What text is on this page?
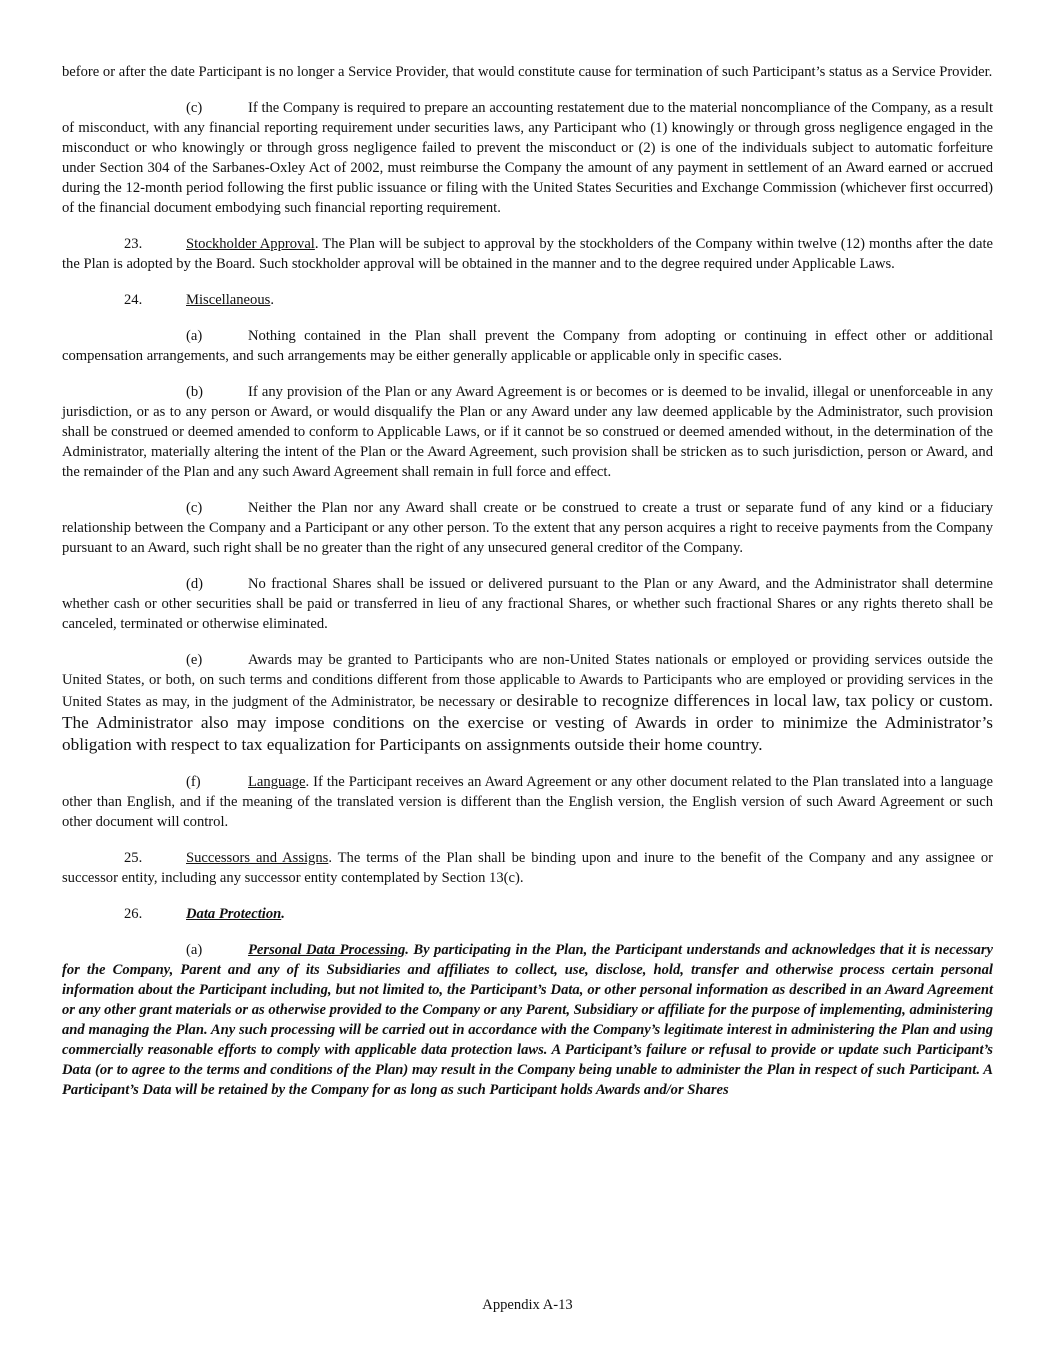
before or after the date Participant is no longer a Service Provider, that would constitute cause for termination of such Participant’s status as a Service Provider.

(c)	If the Company is required to prepare an accounting restatement due to the material noncompliance of the Company, as a result of misconduct, with any financial reporting requirement under securities laws, any Participant who (1) knowingly or through gross negligence engaged in the misconduct or who knowingly or through gross negligence failed to prevent the misconduct or (2) is one of the individuals subject to automatic forfeiture under Section 304 of the Sarbanes-Oxley Act of 2002, must reimburse the Company the amount of any payment in settlement of an Award earned or accrued during the 12-month period following the first public issuance or filing with the United States Securities and Exchange Commission (whichever first occurred) of the financial document embodying such financial reporting requirement.

23.	Stockholder Approval. The Plan will be subject to approval by the stockholders of the Company within twelve (12) months after the date the Plan is adopted by the Board. Such stockholder approval will be obtained in the manner and to the degree required under Applicable Laws.

24.	Miscellaneous.

(a)	Nothing contained in the Plan shall prevent the Company from adopting or continuing in effect other or additional compensation arrangements, and such arrangements may be either generally applicable or applicable only in specific cases.

(b)	If any provision of the Plan or any Award Agreement is or becomes or is deemed to be invalid, illegal or unenforceable in any jurisdiction, or as to any person or Award, or would disqualify the Plan or any Award under any law deemed applicable by the Administrator, such provision shall be construed or deemed amended to conform to Applicable Laws, or if it cannot be so construed or deemed amended without, in the determination of the Administrator, materially altering the intent of the Plan or the Award Agreement, such provision shall be stricken as to such jurisdiction, person or Award, and the remainder of the Plan and any such Award Agreement shall remain in full force and effect.

(c)	Neither the Plan nor any Award shall create or be construed to create a trust or separate fund of any kind or a fiduciary relationship between the Company and a Participant or any other person. To the extent that any person acquires a right to receive payments from the Company pursuant to an Award, such right shall be no greater than the right of any unsecured general creditor of the Company.

(d)	No fractional Shares shall be issued or delivered pursuant to the Plan or any Award, and the Administrator shall determine whether cash or other securities shall be paid or transferred in lieu of any fractional Shares, or whether such fractional Shares or any rights thereto shall be canceled, terminated or otherwise eliminated.

(e)	Awards may be granted to Participants who are non-United States nationals or employed or providing services outside the United States, or both, on such terms and conditions different from those applicable to Awards to Participants who are employed or providing services in the United States as may, in the judgment of the Administrator, be necessary or desirable to recognize differences in local law, tax policy or custom. The Administrator also may impose conditions on the exercise or vesting of Awards in order to minimize the Administrator’s obligation with respect to tax equalization for Participants on assignments outside their home country.

(f)	Language. If the Participant receives an Award Agreement or any other document related to the Plan translated into a language other than English, and if the meaning of the translated version is different than the English version, the English version of such Award Agreement or such other document will control.

25.	Successors and Assigns. The terms of the Plan shall be binding upon and inure to the benefit of the Company and any assignee or successor entity, including any successor entity contemplated by Section 13(c).

26.	Data Protection.

(a)	Personal Data Processing. By participating in the Plan, the Participant understands and acknowledges that it is necessary for the Company, Parent and any of its Subsidiaries and affiliates to collect, use, disclose, hold, transfer and otherwise process certain personal information about the Participant including, but not limited to, the Participant’s Data, or other personal information as described in an Award Agreement or any other grant materials or as otherwise provided to the Company or any Parent, Subsidiary or affiliate for the purpose of implementing, administering and managing the Plan. Any such processing will be carried out in accordance with the Company’s legitimate interest in administering the Plan and using commercially reasonable efforts to comply with applicable data protection laws. A Participant’s failure or refusal to provide or update such Participant’s Data (or to agree to the terms and conditions of the Plan) may result in the Company being unable to administer the Plan in respect of such Participant. A Participant’s Data will be retained by the Company for as long as such Participant holds Awards and/or Shares

Appendix A-13
